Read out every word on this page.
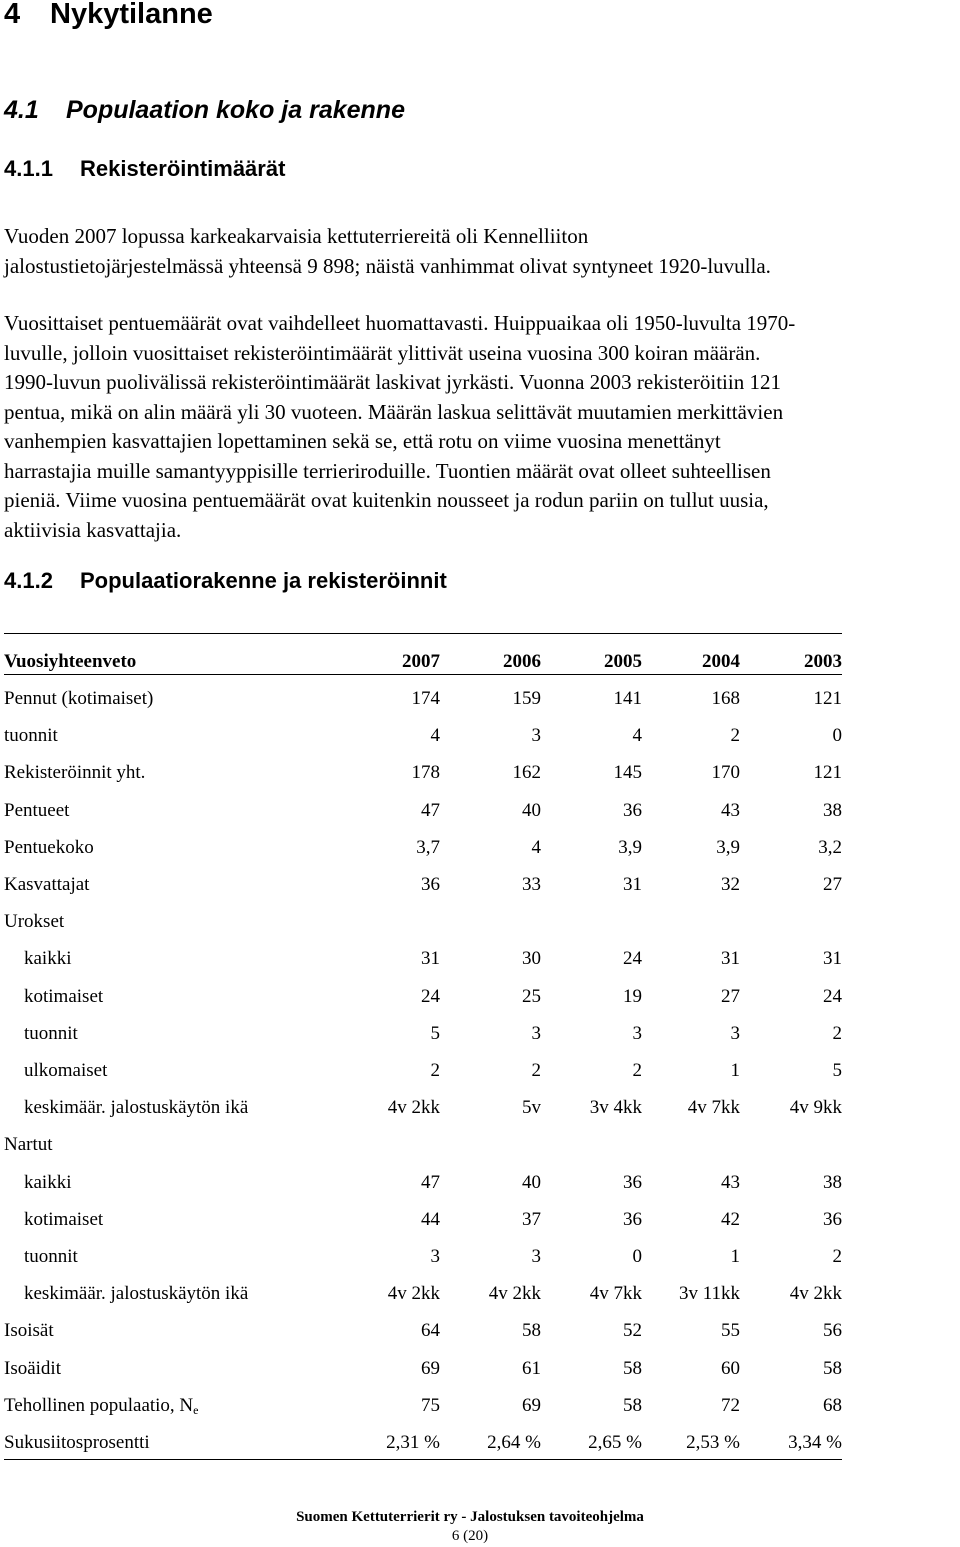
4 Nykytilanne
4.1 Populaation koko ja rakenne
4.1.1 Rekisteröintimäärät
Vuoden 2007 lopussa karkeakarvaisia kettuterriereitä oli Kennelliiton
jalostustietojärjestelmässä yhteensä 9 898; näistä vanhimmat olivat syntyneet 1920-luvulla.
Vuosittaiset pentuemäärät ovat vaihdelleet huomattavasti. Huippuaikaa oli 1950-luvulta 1970-
luvulle, jolloin vuosittaiset rekisteröintimäärät ylittivät useina vuosina 300 koiran määrän.
1990-luvun puolivälissä rekisteröintimäärät laskivat jyrkästi. Vuonna 2003 rekisteröitiin 121
pentua, mikä on alin määrä yli 30 vuoteen. Määrän laskua selittävät muutamien merkittävien
vanhempien kasvattajien lopettaminen sekä se, että rotu on viime vuosina menettänyt
harrastajia muille samantyyppisille terrieriroduille. Tuontien määrät ovat olleet suhteellisen
pieniä. Viime vuosina pentuemäärät ovat kuitenkin nousseet ja rodun pariin on tullut uusia,
aktiivisia kasvattajia.
4.1.2 Populaatiorakenne ja rekisteröinnit
Vuosiyhteenveto	2007	2006	2005	2004	2003
Pennut (kotimaiset)	174	159	141	168	121
tuonnit	4	3	4	2	0
Rekisteröinnit yht.	178	162	145	170	121
Pentueet	47	40	36	43	38
Pentuekoko	3,7	4	3,9	3,9	3,2
Kasvattajat	36	33	31	32	27
Urokset
kaikki	31	30	24	31	31
kotimaiset	24	25	19	27	24
tuonnit	5	3	3	3	2
ulkomaiset	2	2	2	1	5
keskimäär. jalostuskäytön ikä	4v 2kk	5v	3v 4kk	4v 7kk	4v 9kk
Nartut
kaikki	47	40	36	43	38
kotimaiset	44	37	36	42	36
tuonnit	3	3	0	1	2
keskimäär. jalostuskäytön ikä	4v 2kk	4v 2kk	4v 7kk	3v 11kk	4v 2kk
Isoisät	64	58	52	55	56
Isoäidit	69	61	58	60	58
Tehollinen populaatio, $N_e$	75	69	58	72	68
Sukusiitosprosentti	2,31 %	2,64 %	2,65 %	2,53 %	3,34 %
Suomen Kettuterrierit ry - Jalostuksen tavoiteohjelma
6 (20)
